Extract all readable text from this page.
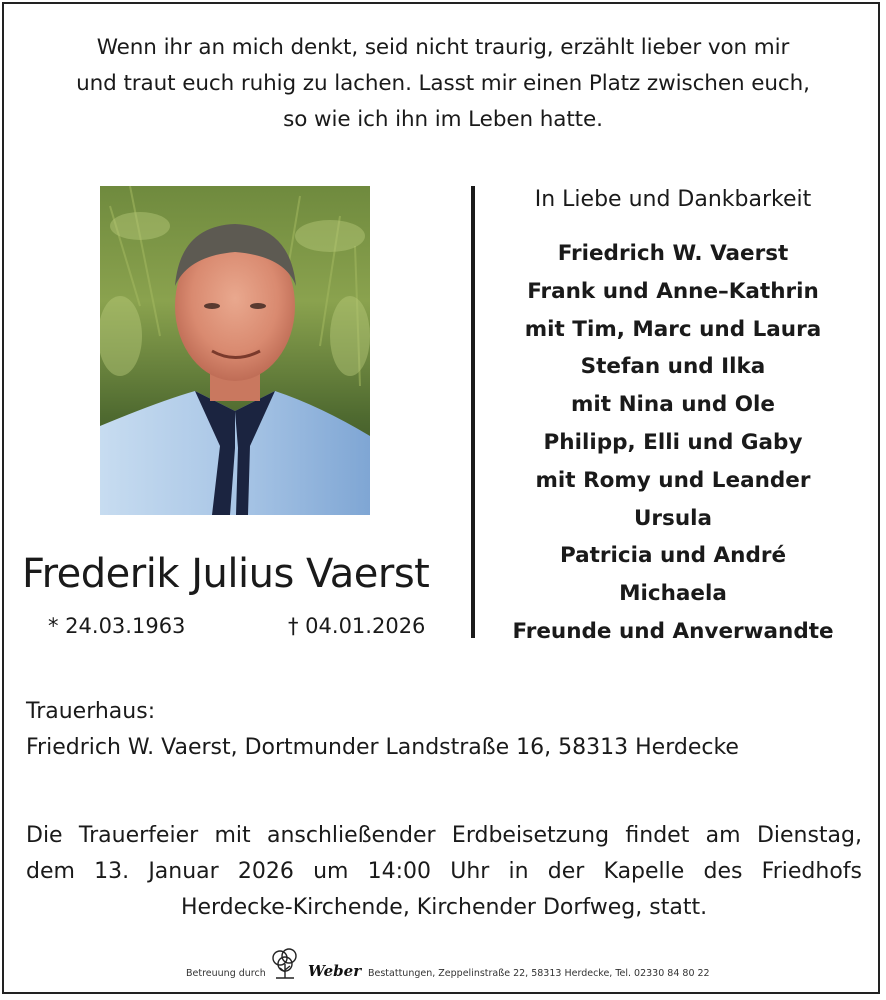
Wenn ihr an mich denkt, seid nicht traurig, erzählt lieber von mir
und traut euch ruhig zu lachen. Lasst mir einen Platz zwischen euch,
so wie ich ihn im Leben hatte.
Frederik Julius Vaerst
* 24.03.1963	† 04.01.2026
In Liebe und Dankbarkeit
Friedrich W. Vaerst
Frank und Anne–Kathrin
mit Tim, Marc und Laura
Stefan und Ilka
mit Nina und Ole
Philipp, Elli und Gaby
mit Romy und Leander
Ursula
Patricia und André
Michaela
Freunde und Anverwandte
Trauerhaus:
Friedrich W. Vaerst, Dortmunder Landstraße 16, 58313 Herdecke
Die Trauerfeier mit anschließender Erdbeisetzung findet am Dienstag,
dem 13. Januar 2026 um 14:00 Uhr in der Kapelle des Friedhofs
Herdecke-Kirchende, Kirchender Dorfweg, statt.
Betreuung durch	Weber Bestattungen, Zeppelinstraße 22, 58313 Herdecke, Tel. 02330 84 80 22
